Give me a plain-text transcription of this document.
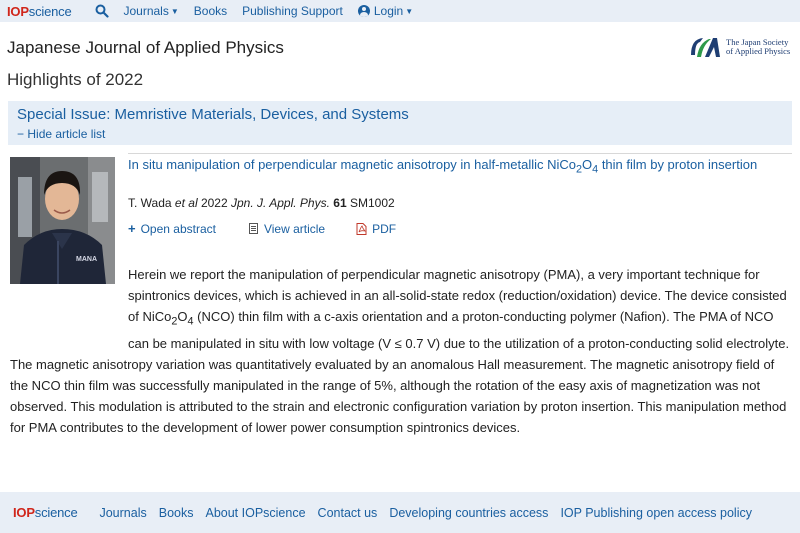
IOPscience	Journals ▼ Books Publishing Support	Login ▼
Japanese Journal of Applied Physics
Highlights of 2022
The Japan Society
of Applied Physics
Special Issue: Memristive Materials, Devices, and Systems
− Hide article list
MANA
In situ manipulation of perpendicular magnetic anisotropy in half-metallic $NiCo_2O_4$ thin film by proton insertion
T. Wada et al 2022 Jpn. J. Appl. Phys. 61 SM1002
+ Open abstract	View article	PDF
Herein we report the manipulation of perpendicular magnetic anisotropy (PMA), a very important technique for spintronics devices, which is achieved in an all-solid-state redox (reduction/oxidation) device. The device consisted of $NiCo_2O_4$ (NCO) thin film with a c-axis orientation and a proton-conducting polymer (Nafion). The PMA of NCO can be manipulated in situ with low voltage (V ≤ 0.7 V) due to the utilization of a proton-conducting solid electrolyte. The magnetic anisotropy variation was quantitatively evaluated by an anomalous Hall measurement. The magnetic anisotropy field of the NCO thin film was successfully manipulated in the range of 5%, although the rotation of the easy axis of magnetization was not observed. This modulation is attributed to the strain and electronic configuration variation by proton insertion. This manipulation method for PMA contributes to the development of lower power consumption spintronics devices.
IOPscience Journals Books About IOPscience Contact us Developing countries access IOP Publishing open access policy
